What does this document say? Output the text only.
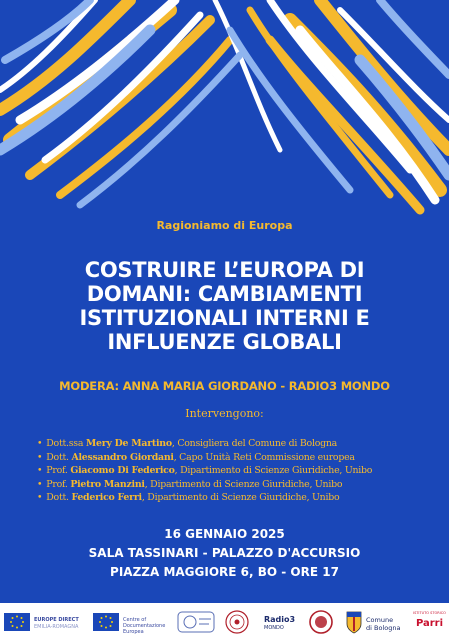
Ragioniamo di Europa
COSTRUIRE L’EUROPA DI
DOMANI: CAMBIAMENTI
ISTITUZIONALI INTERNI E
INFLUENZE GLOBALI
MODERA: ANNA MARIA GIORDANO - RADIO3 MONDO
Intervengono:
• Dott.ssa Mery De Martino, Consigliera del Comune di Bologna
• Dott. Alessandro Giordani, Capo Unità Reti Commissione europea
• Prof. Giacomo Di Federico, Dipartimento di Scienze Giuridiche, Unibo
• Prof. Pietro Manzini, Dipartimento di Scienze Giuridiche, Unibo
• Dott. Federico Ferri, Dipartimento di Scienze Giuridiche, Unibo
16 GENNAIO 2025
SALA TASSINARI - PALAZZO D'ACCURSIO
PIAZZA MAGGIORE 6, BO - ORE 17
EUROPE DIRECT
EMILIA-ROMAGNA
Centre of
Documentazione Europea
Radio3
MONDO
Comune
di Bologna
ISTITUTO STORICO
Parri
